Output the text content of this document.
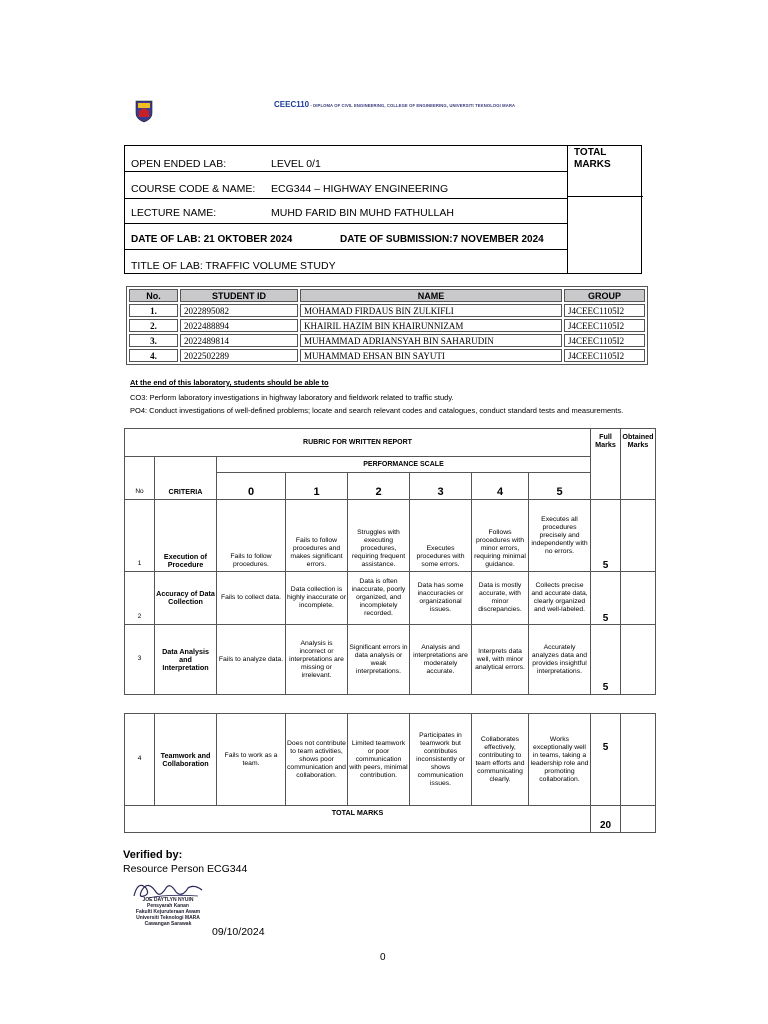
CEEC110 - DIPLOMA OF CIVIL ENGINEERING, COLLEGE OF ENGINEERING, UNIVERSITI TEKNOLOGI MARA
OPEN ENDED LAB:	LEVEL 0/1
COURSE CODE & NAME: ECG344 – HIGHWAY ENGINEERING
LECTURE NAME:	MUHD FARID BIN MUHD FATHULLAH
DATE OF LAB: 21 OKTOBER 2024	DATE OF SUBMISSION:7 NOVEMBER 2024
TITLE OF LAB: TRAFFIC VOLUME STUDY
TOTAL MARKS
No.	STUDENT ID	NAME	GROUP
1.	2022895082	MOHAMAD FIRDAUS BIN ZULKIFLI	J4CEEC1105I2
2.	2022488894	KHAIRIL HAZIM BIN KHAIRUNNIZAM	J4CEEC1105I2
3.	2022489814	MUHAMMAD ADRIANSYAH BIN SAHARUDIN	J4CEEC1105I2
4.	2022502289	MUHAMMAD EHSAN BIN SAYUTI	J4CEEC1105I2
At the end of this laboratory, students should be able to
CO3: Perform laboratory investigations in highway laboratory and fieldwork related to traffic study.
PO4: Conduct investigations of well-defined problems; locate and search relevant codes and catalogues, conduct standard tests and measurements.
RUBRIC FOR WRITTEN REPORT								Full Marks	Obtained Marks
No	CRITERIA	PERFORMANCE SCALE							
		0	1	2	3	4	5		
1	Execution of Procedure	Fails to follow procedures.	Fails to follow procedures and makes significant errors.	Struggles with executing procedures, requiring frequent assistance.	Executes procedures with some errors.	Follows procedures with minor errors, requiring minimal guidance.	Executes all procedures precisely and independently with no errors.	5	
2	Accuracy of Data Collection	Fails to collect data.	Data collection is highly inaccurate or incomplete.	Data is often inaccurate, poorly organized, and incompletely recorded.	Data has some inaccuracies or organizational issues.	Data is mostly accurate, with minor discrepancies.	Collects precise and accurate data, clearly organized and well-labeled.	5	
3	Data Analysis and Interpretation	Fails to analyze data.	Analysis is incorrect or interpretations are missing or irrelevant.	Significant errors in data analysis or weak interpretations.	Analysis and interpretations are moderately accurate.	Interprets data well, with minor analytical errors.	Accurately analyzes data and provides insightful interpretations.	5	
4	Teamwork and Collaboration	Fails to work as a team.	Does not contribute to team activities, shows poor communication and collaboration.	Limited teamwork or poor communication with peers, minimal contribution.	Participates in teamwork but contributes inconsistently or shows communication issues.	Collaborates effectively, contributing to team efforts and communicating clearly.	Works exceptionally well in teams, taking a leadership role and promoting collaboration.	5	
TOTAL MARKS								20	
Verified by:
Resource Person ECG344
JOE DAYTLYN NYUIN
Pensyarah Kanan
Fakulti Kejuruteraan Awam
Universiti Teknologi MARA
Cawangan Sarawak
09/10/2024
0
